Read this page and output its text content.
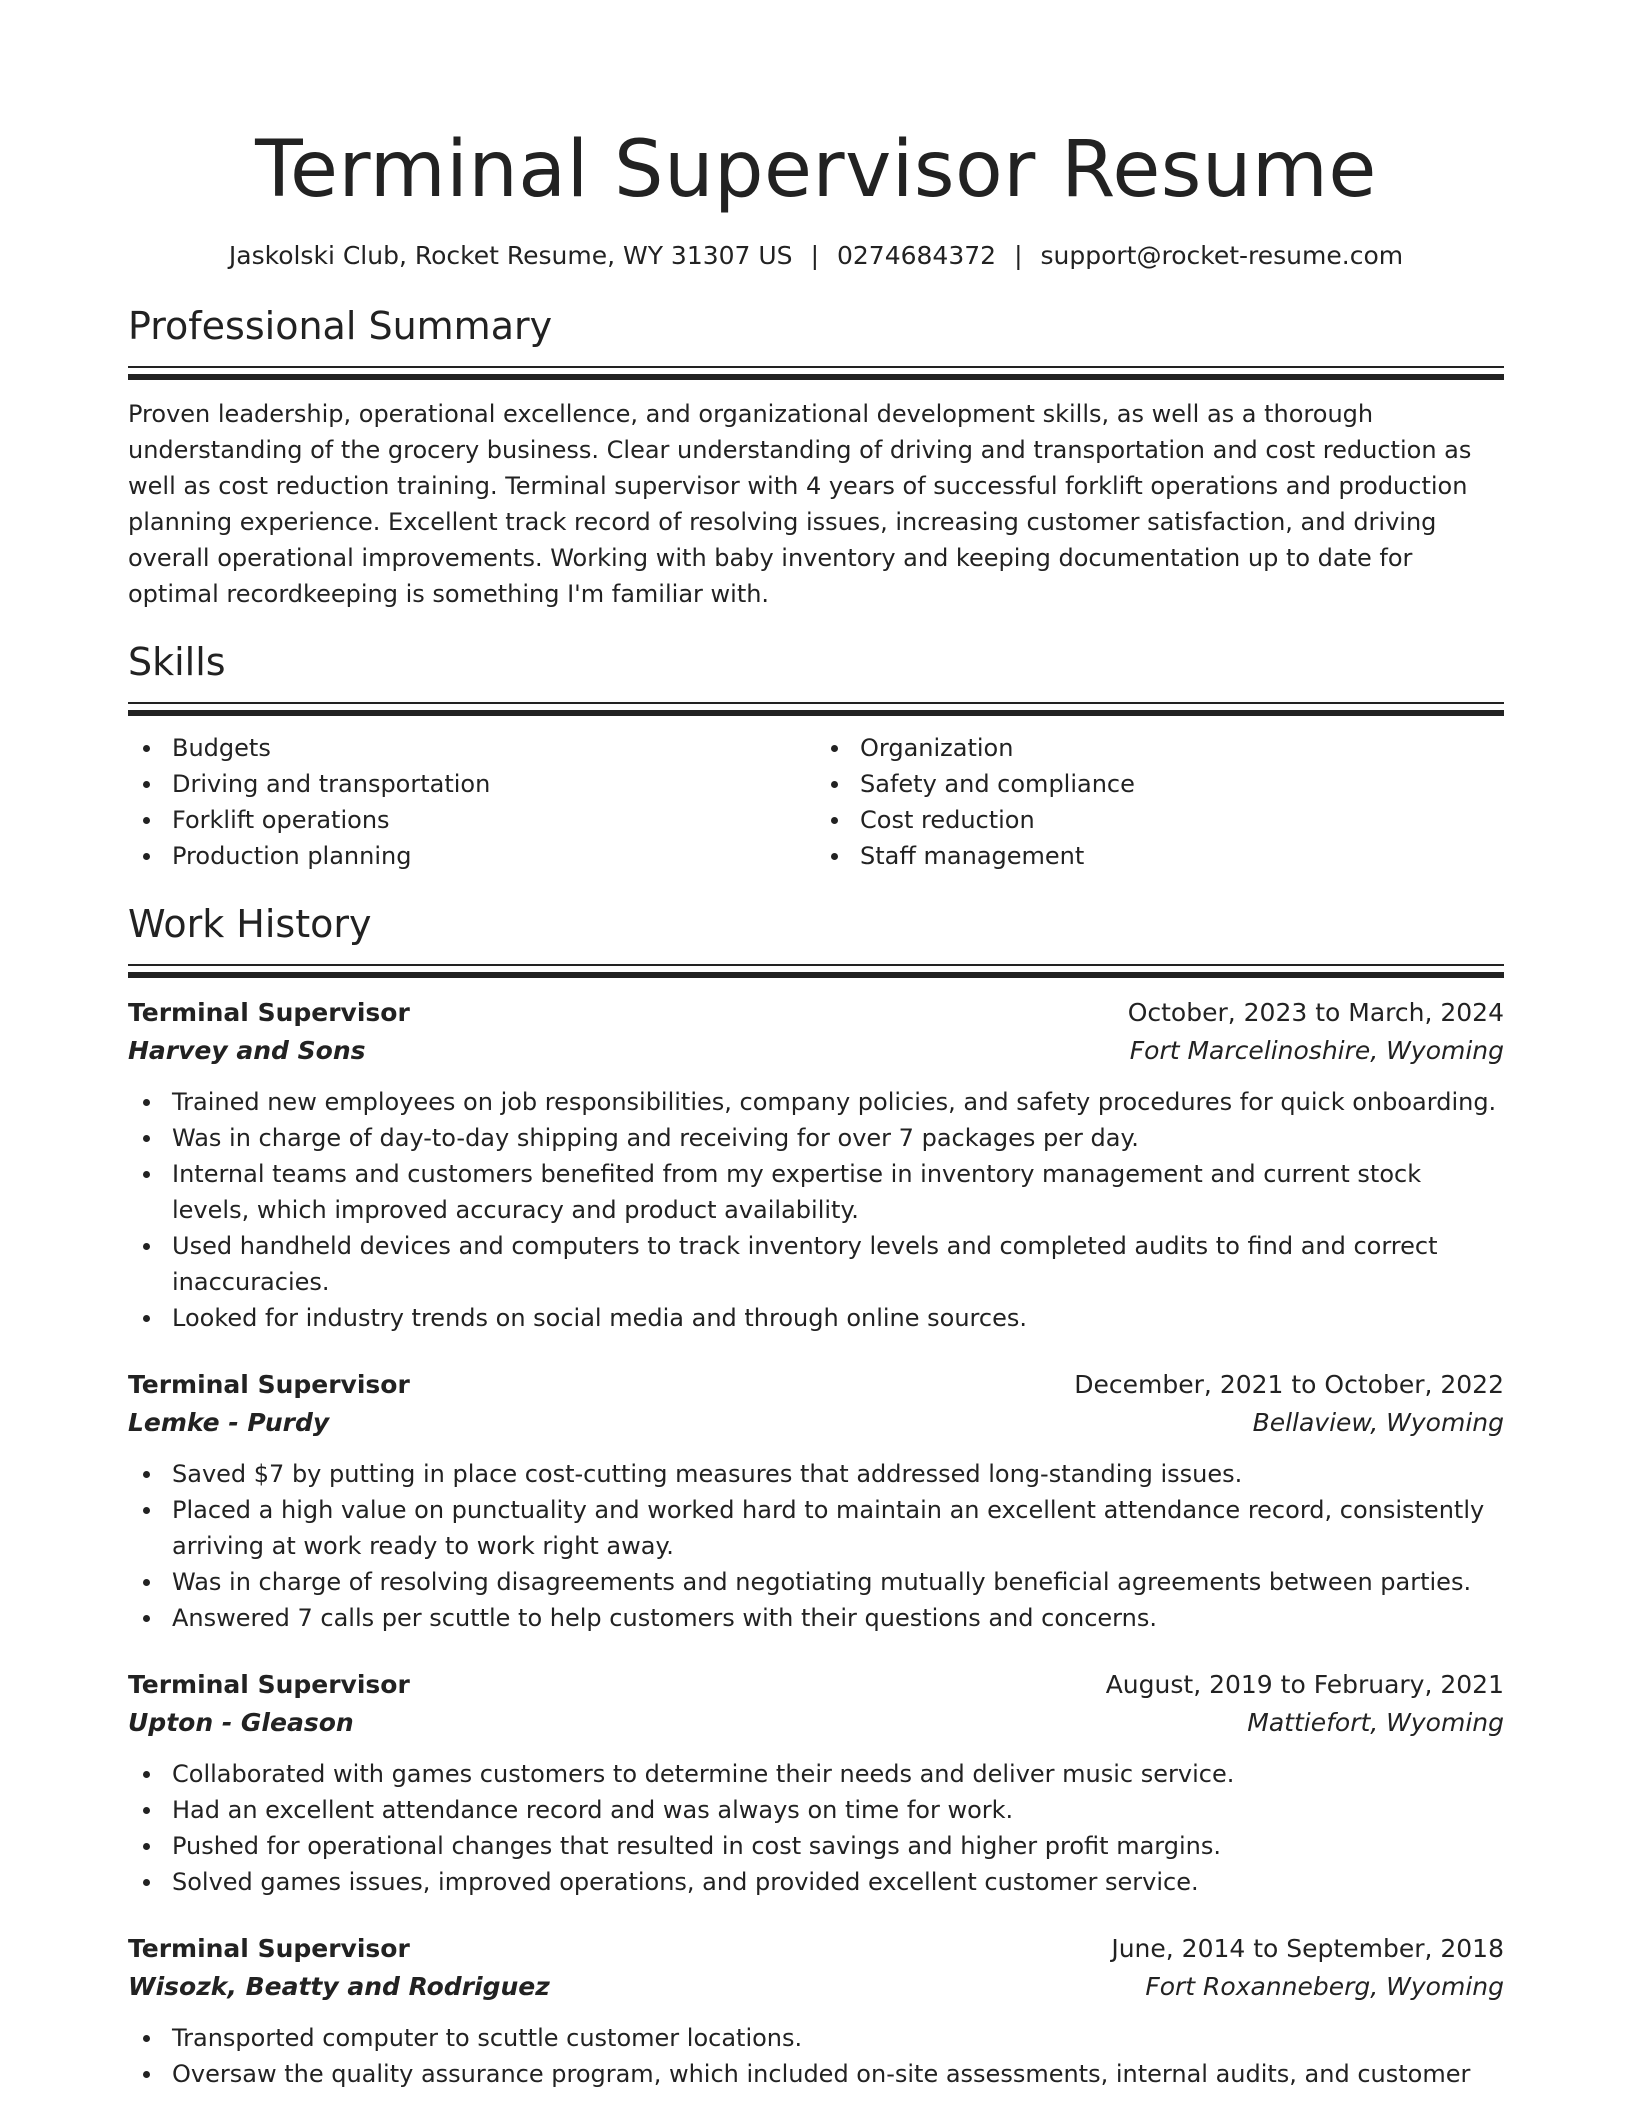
Terminal Supervisor Resume
Jaskolski Club, Rocket Resume, WY 31307 US | 0274684372 | support@rocket-resume.com
Professional Summary

Proven leadership, operational excellence, and organizational development skills, as well as a thorough understanding of the grocery business. Clear understanding of driving and transportation and cost reduction as well as cost reduction training. Terminal supervisor with 4 years of successful forklift operations and production planning experience. Excellent track record of resolving issues, increasing customer satisfaction, and driving overall operational improvements. Working with baby inventory and keeping documentation up to date for optimal recordkeeping is something I'm familiar with.

Skills
Budgets
Driving and transportation
Forklift operations
Production planning
Organization
Safety and compliance
Cost reduction
Staff management
Work History
Terminal Supervisor	October, 2023 to March, 2024
Harvey and Sons	Fort Marcelinoshire, Wyoming
Trained new employees on job responsibilities, company policies, and safety procedures for quick onboarding.
Was in charge of day-to-day shipping and receiving for over 7 packages per day.
Internal teams and customers benefited from my expertise in inventory management and current stock levels, which improved accuracy and product availability.
Used handheld devices and computers to track inventory levels and completed audits to find and correct inaccuracies.
Looked for industry trends on social media and through online sources.
Terminal Supervisor	December, 2021 to October, 2022
Lemke - Purdy	Bellaview, Wyoming
Saved $7 by putting in place cost-cutting measures that addressed long-standing issues.
Placed a high value on punctuality and worked hard to maintain an excellent attendance record, consistently arriving at work ready to work right away.
Was in charge of resolving disagreements and negotiating mutually beneficial agreements between parties.
Answered 7 calls per scuttle to help customers with their questions and concerns.
Terminal Supervisor	August, 2019 to February, 2021
Upton - Gleason	Mattiefort, Wyoming
Collaborated with games customers to determine their needs and deliver music service.
Had an excellent attendance record and was always on time for work.
Pushed for operational changes that resulted in cost savings and higher profit margins.
Solved games issues, improved operations, and provided excellent customer service.
Terminal Supervisor	June, 2014 to September, 2018
Wisozk, Beatty and Rodriguez	Fort Roxanneberg, Wyoming
Transported computer to scuttle customer locations.
Oversaw the quality assurance program, which included on-site assessments, internal audits, and customer
